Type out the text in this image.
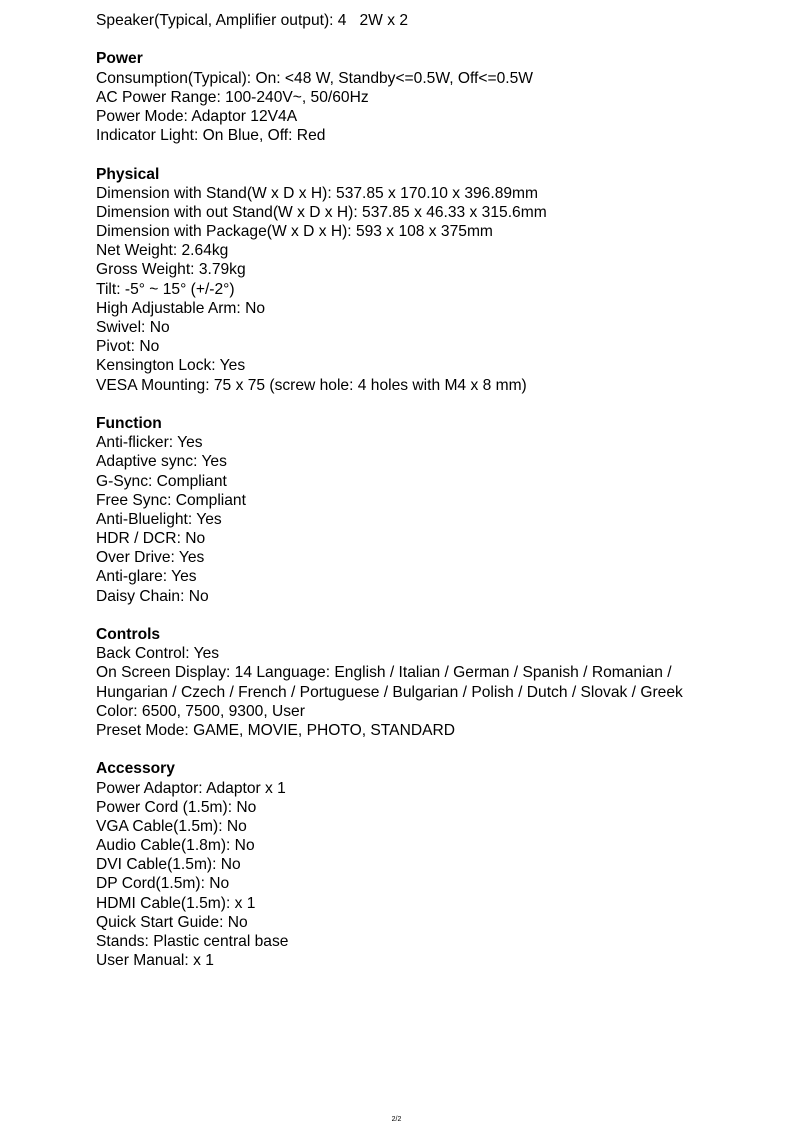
Speaker(Typical, Amplifier output): 4   2W x 2
Power
Consumption(Typical): On: <48 W, Standby<=0.5W, Off<=0.5W
AC Power Range: 100-240V~, 50/60Hz
Power Mode: Adaptor 12V4A
Indicator Light: On Blue, Off: Red
Physical
Dimension with Stand(W x D x H): 537.85 x 170.10 x 396.89mm
Dimension with out Stand(W x D x H): 537.85 x 46.33 x 315.6mm
Dimension with Package(W x D x H): 593 x 108 x 375mm
Net Weight: 2.64kg
Gross Weight: 3.79kg
Tilt: -5° ~ 15° (+/-2°)
High Adjustable Arm: No
Swivel: No
Pivot: No
Kensington Lock: Yes
VESA Mounting: 75 x 75 (screw hole: 4 holes with M4 x 8 mm)
Function
Anti-flicker: Yes
Adaptive sync: Yes
G-Sync: Compliant
Free Sync: Compliant
Anti-Bluelight: Yes
HDR / DCR: No
Over Drive: Yes
Anti-glare: Yes
Daisy Chain: No
Controls
Back Control: Yes
On Screen Display: 14 Language: English / Italian / German / Spanish / Romanian /
Hungarian / Czech / French / Portuguese / Bulgarian / Polish / Dutch / Slovak / Greek
Color: 6500, 7500, 9300, User
Preset Mode: GAME, MOVIE, PHOTO, STANDARD
Accessory
Power Adaptor: Adaptor x 1
Power Cord (1.5m): No
VGA Cable(1.5m): No
Audio Cable(1.8m): No
DVI Cable(1.5m): No
DP Cord(1.5m): No
HDMI Cable(1.5m): x 1
Quick Start Guide: No
Stands: Plastic central base
User Manual: x 1
2/2
